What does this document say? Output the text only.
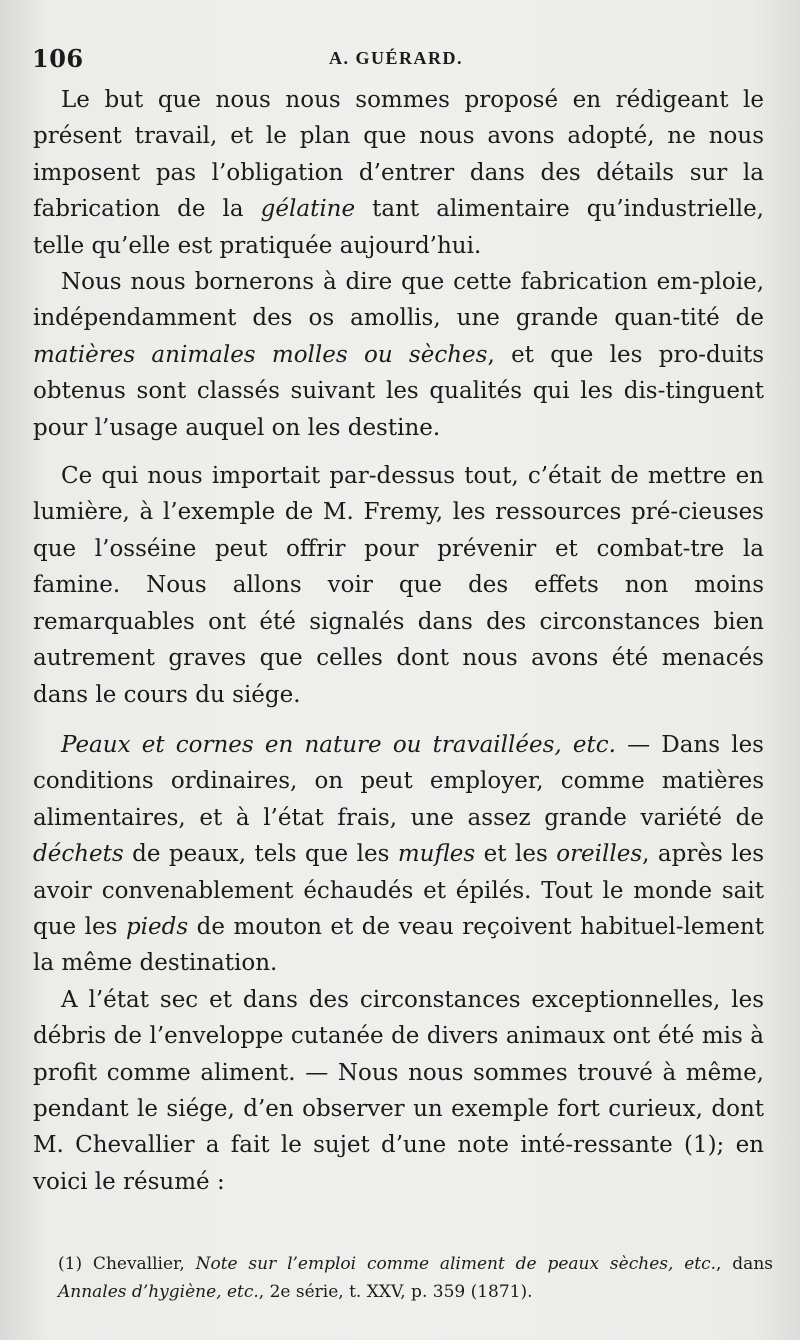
106	A. GUÉRARD.

Le but que nous nous sommes proposé en rédigeant le présent travail, et le plan que nous avons adopté, ne nous imposent pas l’obligation d’entrer dans des détails sur la fabrication de la gélatine tant alimentaire qu’industrielle, telle qu’elle est pratiquée aujourd’hui.

Nous nous bornerons à dire que cette fabrication em-ploie, indépendamment des os amollis, une grande quan-tité de matières animales molles ou sèches, et que les pro-duits obtenus sont classés suivant les qualités qui les dis-tinguent pour l’usage auquel on les destine.

Ce qui nous importait par-dessus tout, c’était de mettre en lumière, à l’exemple de M. Fremy, les ressources pré-cieuses que l’osséine peut offrir pour prévenir et combat-tre la famine. Nous allons voir que des effets non moins remarquables ont été signalés dans des circonstances bien autrement graves que celles dont nous avons été menacés dans le cours du siége.

Peaux et cornes en nature ou travaillées, etc. — Dans les conditions ordinaires, on peut employer, comme matières alimentaires, et à l’état frais, une assez grande variété de déchets de peaux, tels que les mufles et les oreilles, après les avoir convenablement échaudés et épilés. Tout le monde sait que les pieds de mouton et de veau reçoivent habituel-lement la même destination.

A l’état sec et dans des circonstances exceptionnelles, les débris de l’enveloppe cutanée de divers animaux ont été mis à profit comme aliment. — Nous nous sommes trouvé à même, pendant le siége, d’en observer un exemple fort curieux, dont M. Chevallier a fait le sujet d’une note inté-ressante (1); en voici le résumé :

(1) Chevallier, Note sur l’emploi comme aliment de peaux sèches, etc., dans Annales d’hygiène, etc., 2e série, t. XXV, p. 359 (1871).
